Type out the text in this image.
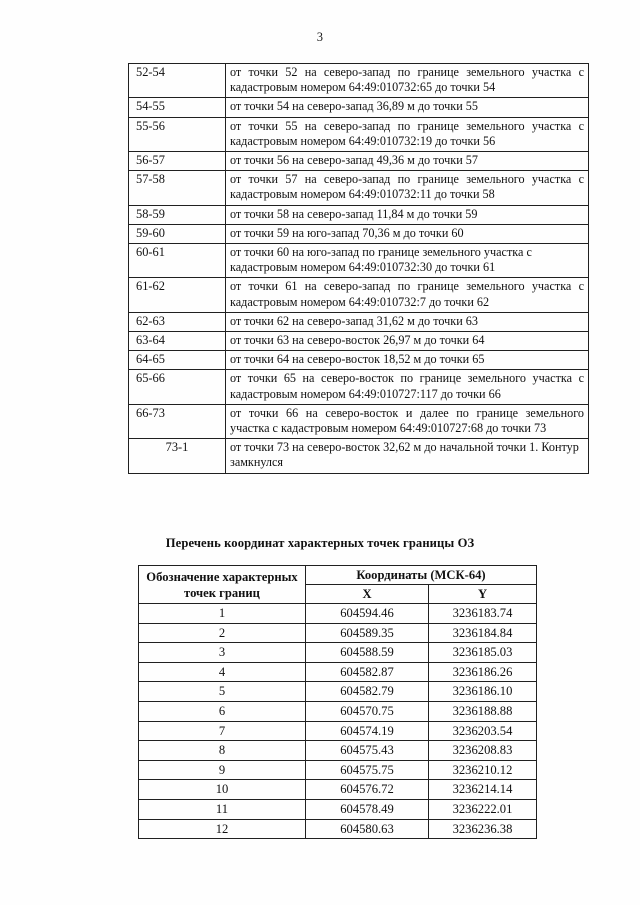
3
52-54	от точки 52 на северо-запад по границе земельного участка с кадастровым номером 64:49:010732:65 до точки 54
54-55	от точки 54 на северо-запад 36,89 м до точки 55
55-56	от точки 55 на северо-запад по границе земельного участка с кадастровым номером 64:49:010732:19 до точки 56
56-57	от точки 56 на северо-запад 49,36 м до точки 57
57-58	от точки 57 на северо-запад по границе земельного участка с кадастровым номером 64:49:010732:11 до точки 58
58-59	от точки 58 на северо-запад 11,84 м до точки 59
59-60	от точки 59 на юго-запад 70,36 м до точки 60
60-61	от точки 60 на юго-запад по границе земельного участка с кадастровым номером 64:49:010732:30 до точки 61
61-62	от точки 61 на северо-запад по границе земельного участка с кадастровым номером 64:49:010732:7 до точки 62
62-63	от точки 62 на северо-запад 31,62 м до точки 63
63-64	от точки 63 на северо-восток 26,97 м до точки 64
64-65	от точки 64 на северо-восток 18,52 м до точки 65
65-66	от точки 65 на северо-восток по границе земельного участка с кадастровым номером 64:49:010727:117 до точки 66
66-73	от точки 66 на северо-восток и далее по границе земельного участка с кадастровым номером 64:49:010727:68 до точки 73
73-1	от точки 73 на северо-восток 32,62 м до начальной точки 1. Контур замкнулся
Перечень координат характерных точек границы ОЗ
Обозначение характерных точек границ	Координаты (МСК-64)	
	X	Y
1	604594.46	3236183.74
2	604589.35	3236184.84
3	604588.59	3236185.03
4	604582.87	3236186.26
5	604582.79	3236186.10
6	604570.75	3236188.88
7	604574.19	3236203.54
8	604575.43	3236208.83
9	604575.75	3236210.12
10	604576.72	3236214.14
11	604578.49	3236222.01
12	604580.63	3236236.38
